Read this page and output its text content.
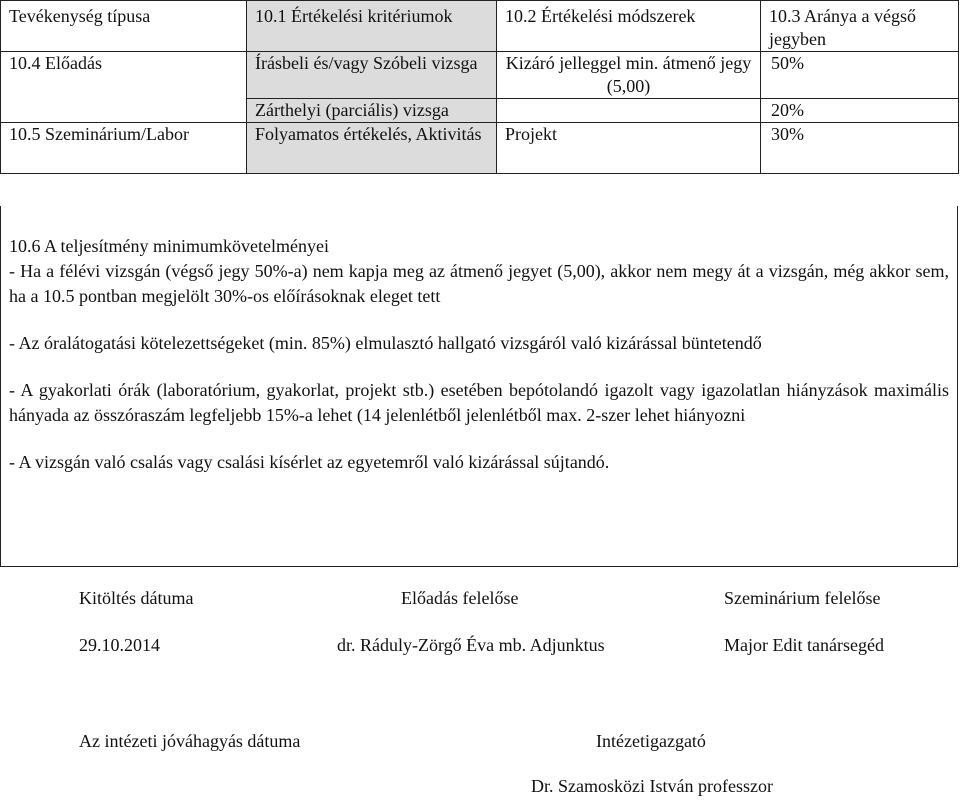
Tevékenység típusa	10.1 Értékelési kritériumok	10.2 Értékelési módszerek	10.3 Aránya a végső jegyben
10.4 Előadás	Írásbeli és/vagy Szóbeli vizsga	Kizáró jelleggel min. átmenő jegy (5,00)	50%
	Zárthelyi (parciális) vizsga		20%
10.5 Szeminárium/Labor	Folyamatos értékelés, Aktivitás	Projekt	30%

10.6 A teljesítmény minimumkövetelményei

- Ha a félévi vizsgán (végső jegy 50%-a) nem kapja meg az átmenő jegyet (5,00), akkor nem megy át a vizsgán, még akkor sem, ha a 10.5 pontban megjelölt 30%-os előírásoknak eleget tett

- Az óralátogatási kötelezettségeket (min. 85%) elmulasztó hallgató vizsgáról való kizárással büntetendő

- A gyakorlati órák (laboratórium, gyakorlat, projekt stb.) esetében bepótolandó igazolt vagy igazolatlan hiányzások maximális hányada az összóraszám legfeljebb 15%-a lehet (14 jelenlétből jelenlétből max. 2-szer lehet hiányozni

- A vizsgán való csalás vagy csalási kísérlet az egyetemről való kizárással sújtandó.

Kitöltés dátuma	Előadás felelőse	Szeminárium felelőse
29.10.2014	dr. Ráduly-Zörgő Éva mb. Adjunktus	Major Edit tanársegéd
Az intézeti jóváhagyás dátuma	Intézetigazgató
Dr. Szamosközi István professzor
